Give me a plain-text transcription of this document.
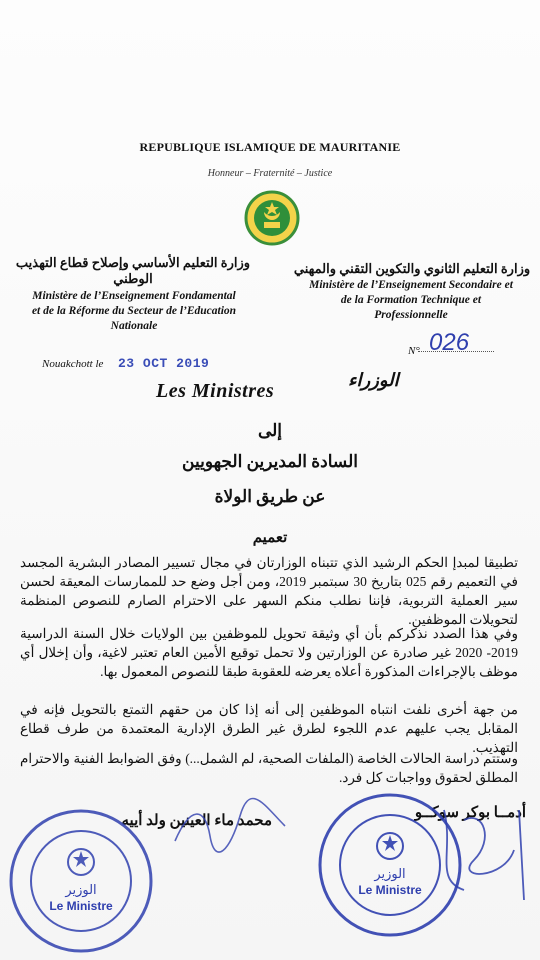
REPUBLIQUE ISLAMIQUE DE MAURITANIE
Honneur – Fraternité – Justice
وزارة التعليم الأساسي وإصلاح قطاع التهذيب الوطني
Ministère de l’Enseignement Fondamental
et de la Réforme du Secteur de l’Education
Nationale
وزارة التعليم الثانوي والتكوين التقني والمهني
Ministère de l’Enseignement Secondaire et
de la Formation Technique et
Professionnelle
Nouakchott le 23 OCT 2019
N° 026
Les Ministres	الوزراء
إلى
السادة المديرين الجهويين
عن طريق الولاة
تعميم
تطبيقا لمبدإ الحكم الرشيد الذي تتبناه الوزارتان في مجال تسيير المصادر البشرية المجسد في التعميم رقم 025 بتاريخ 30 سبتمبر 2019، ومن أجل وضع حد للممارسات المعيقة لحسن سير العملية التربوية، فإننا نطلب منكم السهر على الاحترام الصارم للنصوص المنظمة لتحويلات الموظفين.
وفي هذا الصدد نذكركم بأن أي وثيقة تحويل للموظفين بين الولايات خلال السنة الدراسية 2019- 2020 غير صادرة عن الوزارتين ولا تحمل توقيع الأمين العام تعتبر لاغية، وأن إخلال أي موظف بالإجراءات المذكورة أعلاه يعرضه للعقوبة طبقا للنصوص المعمول بها.
من جهة أخرى نلفت انتباه الموظفين إلى أنه إذا كان من حقهم التمتع بالتحويل فإنه في المقابل يجب عليهم عدم اللجوء لطرق غير الطرق الإدارية المعتمدة من طرف قطاع التهذيب.
وستتم دراسة الحالات الخاصة (الملفات الصحية، لم الشمل...) وفق الضوابط الفنية والاحترام المطلق لحقوق وواجبات كل فرد.
محمد ماء العينين ولد أييه	أدمــا بوكر سوكــو
الوزير
Le Ministre
الوزير
Le Ministre
